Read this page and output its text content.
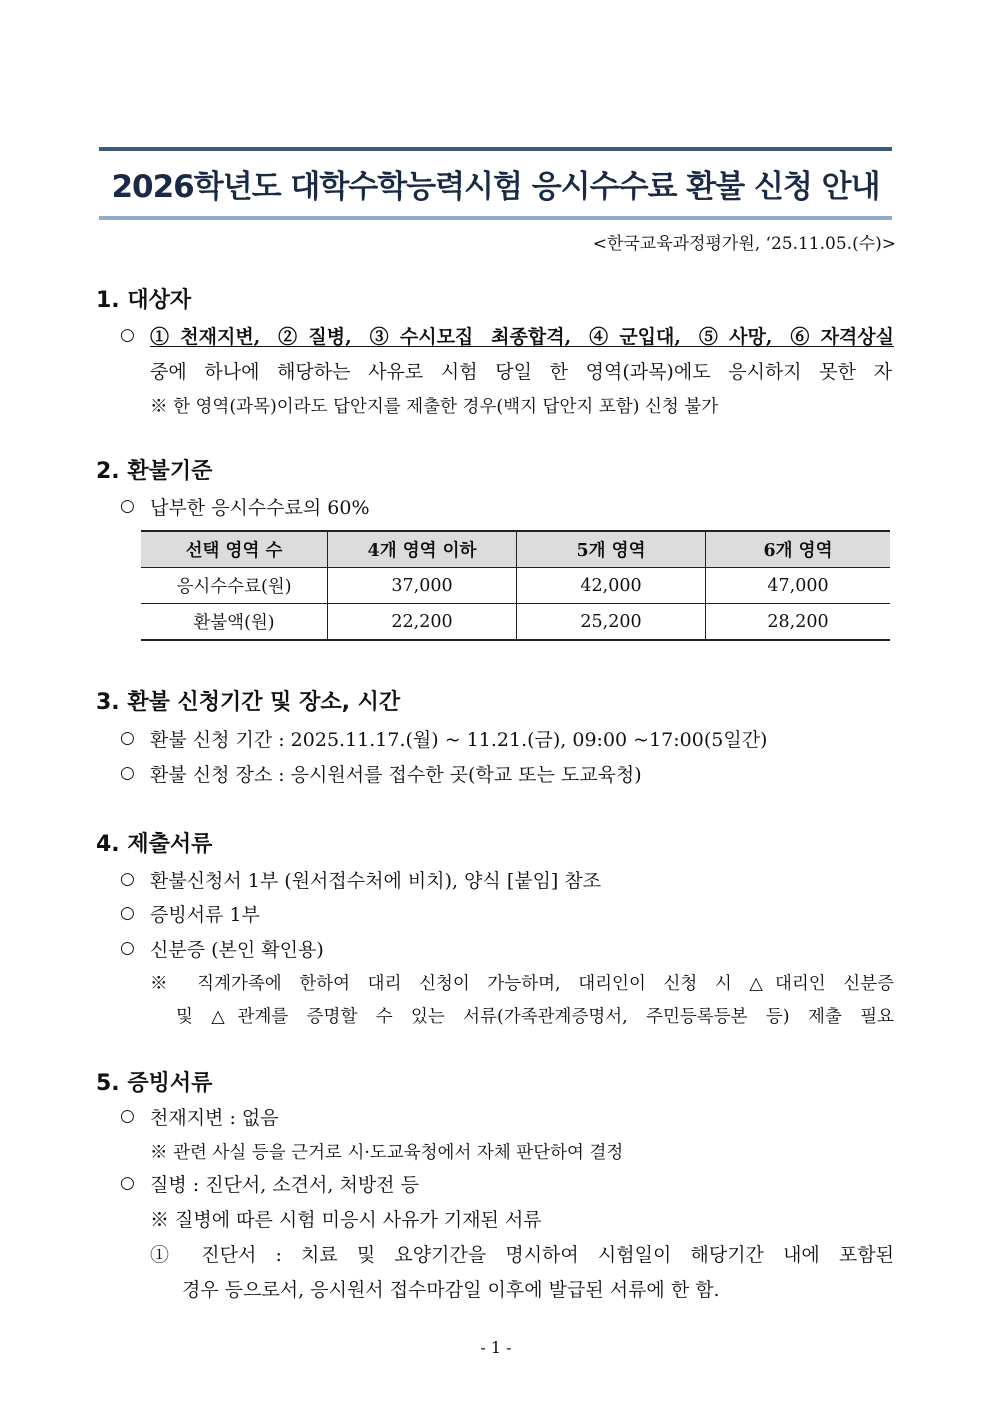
2026학년도 대학수학능력시험 응시수수료 환불 신청 안내
<한국교육과정평가원, ‘25.11.05.(수)>
1. 대상자
○ ①천재지변, ②질병, ③수시모집 최종합격, ④군입대, ⑤사망, ⑥자격상실
중에 하나에 해당하는 사유로 시험 당일 한 영역(과목)에도 응시하지 못한 자
※ 한 영역(과목)이라도 답안지를 제출한 경우(백지 답안지 포함) 신청 불가
2. 환불기준
○ 납부한 응시수수료의 60%
선택 영역 수	4개 영역 이하	5개 영역	6개 영역
응시수수료(원)	37,000	42,000	47,000
환불액(원)	22,200	25,200	28,200
3. 환불 신청기간 및 장소, 시간
○ 환불 신청 기간 : 2025.11.17.(월) ~ 11.21.(금), 09:00 ~17:00(5일간)
○ 환불 신청 장소 : 응시원서를 접수한 곳(학교 또는 도교육청)
4. 제출서류
○ 환불신청서 1부 (원서접수처에 비치), 양식 [붙임] 참조
○ 증빙서류 1부
○ 신분증 (본인 확인용)
※ 직계가족에 한하여 대리 신청이 가능하며, 대리인이 신청 시 △대리인 신분증
및 △관계를 증명할 수 있는 서류(가족관계증명서, 주민등록등본 등) 제출 필요
5. 증빙서류
○ 천재지변 : 없음
※ 관련 사실 등을 근거로 시·도교육청에서 자체 판단하여 결정
○ 질병 : 진단서, 소견서, 처방전 등
※ 질병에 따른 시험 미응시 사유가 기재된 서류
① 진단서 : 치료 및 요양기간을 명시하여 시험일이 해당기간 내에 포함된
경우 등으로서, 응시원서 접수마감일 이후에 발급된 서류에 한 함.
- 1 -
